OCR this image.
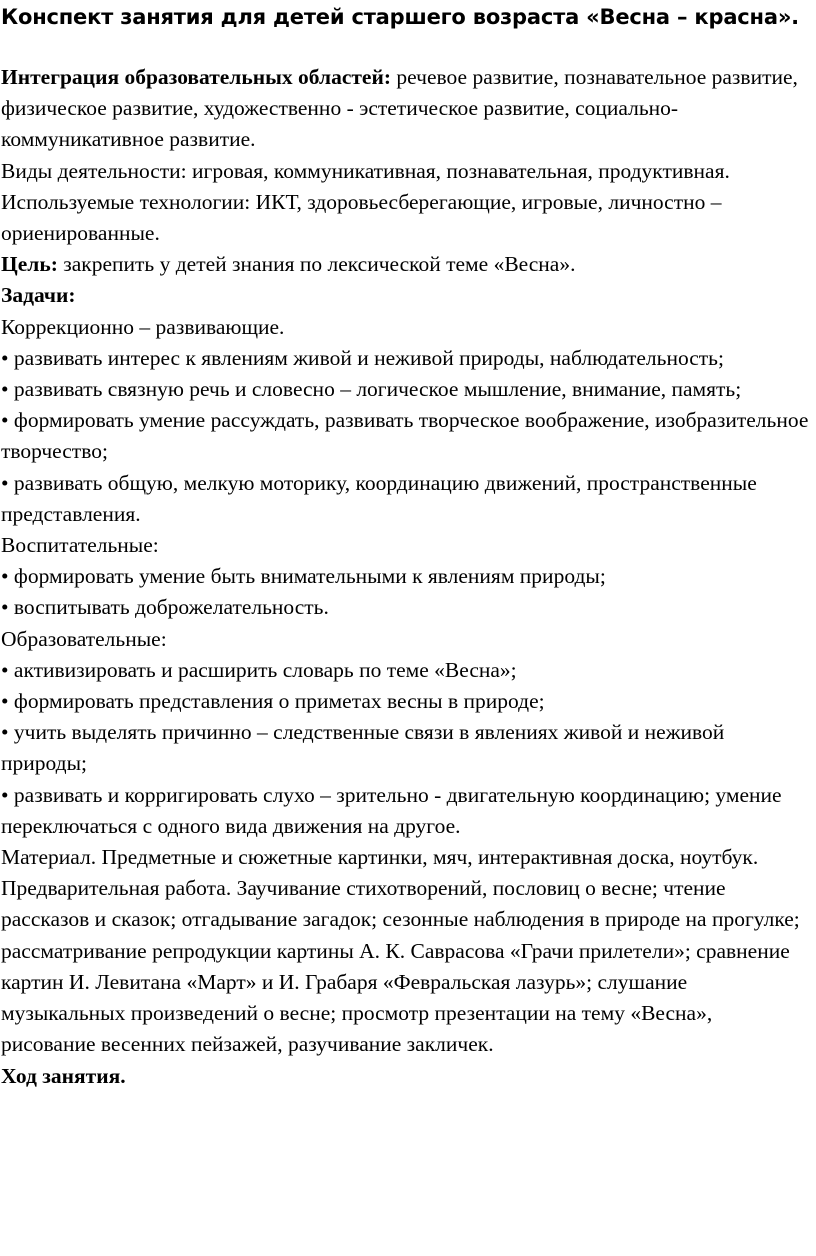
Конспект занятия для детей старшего возраста «Весна – красна».

Интеграция образовательных областей: речевое развитие, познавательное развитие, физическое развитие, художественно - эстетическое развитие, социально-коммуникативное развитие.

Виды деятельности: игровая, коммуникативная, познавательная, продуктивная.

Используемые технологии: ИКТ, здоровьесберегающие, игровые, личностно – ориенированные.

Цель: закрепить у детей знания по лексической теме «Весна».

Задачи:

Коррекционно – развивающие.

• развивать интерес к явлениям живой и неживой природы, наблюдательность;

• развивать связную речь и словесно – логическое мышление, внимание, память;

• формировать умение рассуждать, развивать творческое воображение, изобразительное творчество;

• развивать общую, мелкую моторику, координацию движений, пространственные представления.

Воспитательные:

• формировать умение быть внимательными к явлениям природы;

• воспитывать доброжелательность.

Образовательные:

• активизировать и расширить словарь по теме «Весна»;

• формировать представления о приметах весны в природе;

• учить выделять причинно – следственные связи в явлениях живой и неживой природы;

• развивать и корригировать слухо – зрительно - двигательную координацию; умение переключаться с одного вида движения на другое.

Материал. Предметные и сюжетные картинки, мяч, интерактивная доска, ноутбук.

Предварительная работа. Заучивание стихотворений, пословиц о весне; чтение рассказов и сказок; отгадывание загадок; сезонные наблюдения в природе на прогулке; рассматривание репродукции картины А. К. Саврасова «Грачи прилетели»; сравнение картин И. Левитана «Март» и И. Грабаря «Февральская лазурь»; слушание музыкальных произведений о весне; просмотр презентации на тему «Весна», рисование весенних пейзажей, разучивание закличек.

Ход занятия.
